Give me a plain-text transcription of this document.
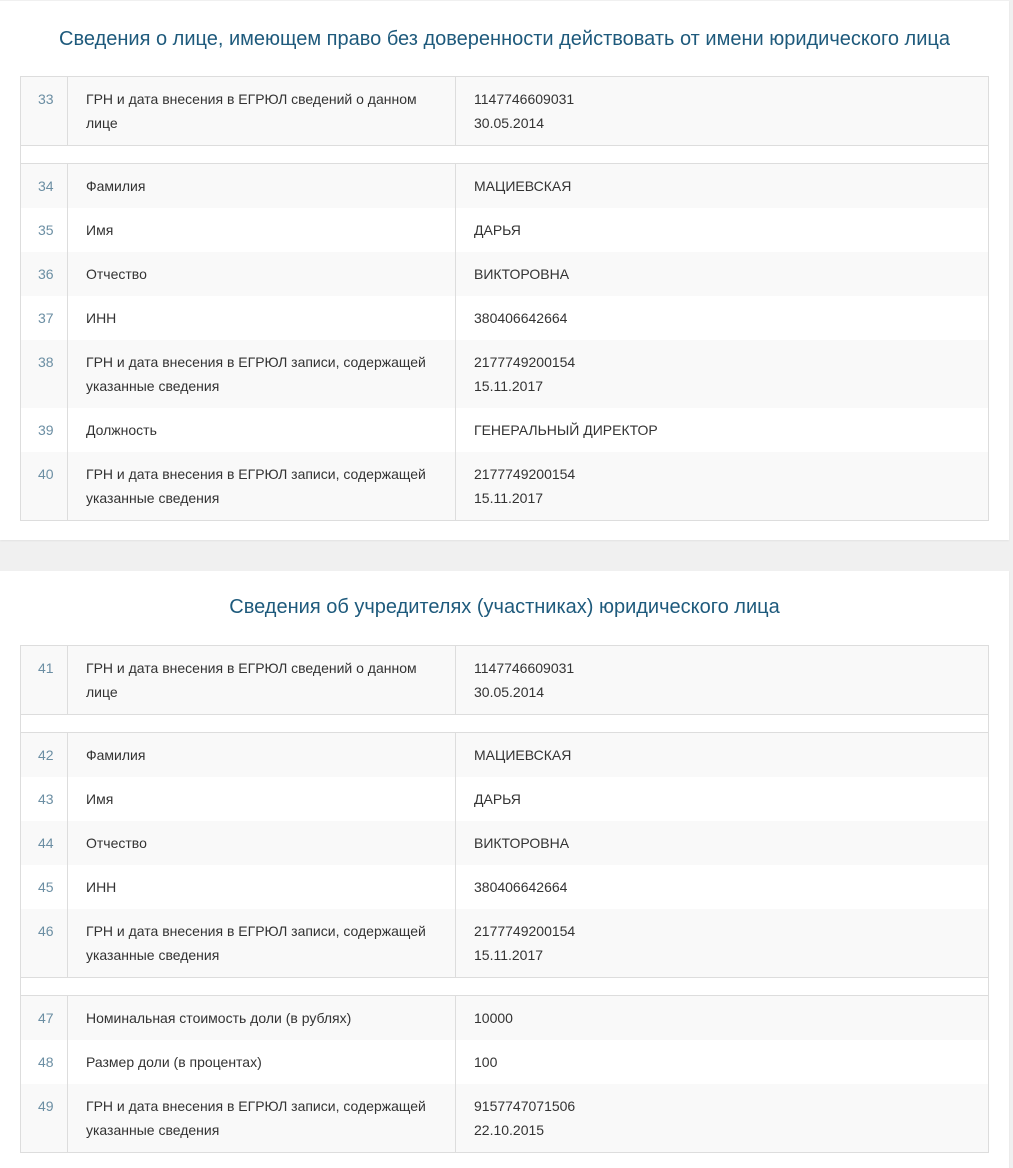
Сведения о лице, имеющем право без доверенности действовать от имени юридического лица
33	ГРН и дата внесения в ЕГРЮЛ сведений о данном лице	1147746609031
30.05.2014

34	Фамилия	МАЦИЕВСКАЯ
35	Имя	ДАРЬЯ
36	Отчество	ВИКТОРОВНА
37	ИНН	380406642664
38	ГРН и дата внесения в ЕГРЮЛ записи, содержащей указанные сведения	2177749200154
15.11.2017

39	Должность	ГЕНЕРАЛЬНЫЙ ДИРЕКТОР
40	ГРН и дата внесения в ЕГРЮЛ записи, содержащей указанные сведения	2177749200154
15.11.2017
Сведения об учредителях (участниках) юридического лица
41	ГРН и дата внесения в ЕГРЮЛ сведений о данном лице	1147746609031
30.05.2014

42	Фамилия	МАЦИЕВСКАЯ
43	Имя	ДАРЬЯ
44	Отчество	ВИКТОРОВНА
45	ИНН	380406642664
46	ГРН и дата внесения в ЕГРЮЛ записи, содержащей указанные сведения	2177749200154
15.11.2017

47	Номинальная стоимость доли (в рублях)	10000
48	Размер доли (в процентах)	100
49	ГРН и дата внесения в ЕГРЮЛ записи, содержащей указанные сведения	9157747071506
22.10.2015
